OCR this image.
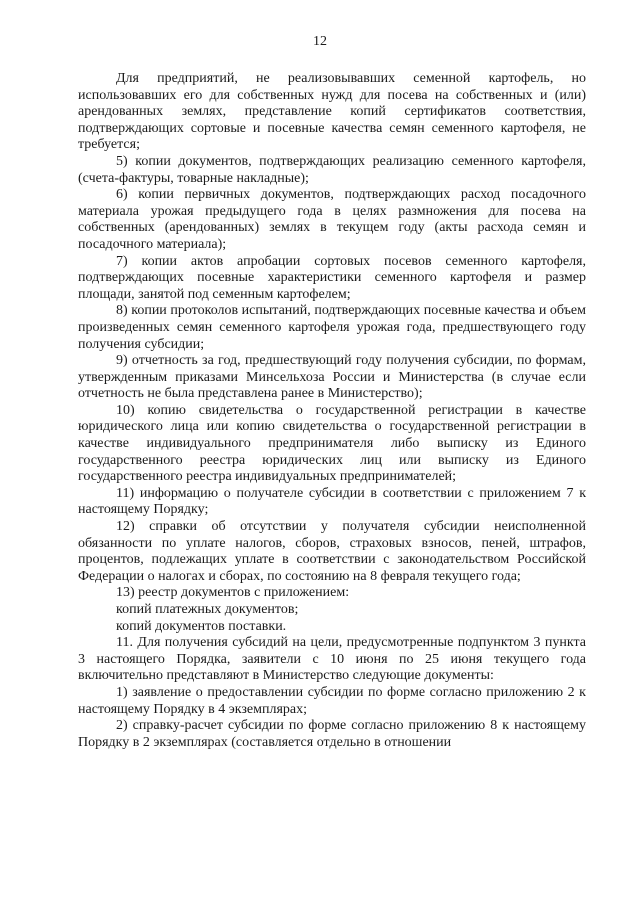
12

Для предприятий, не реализовывавших семенной картофель, но использовавших его для собственных нужд для посева на собственных и (или) арендованных землях, представление копий сертификатов соответствия, подтверждающих сортовые и посевные качества семян семенного картофеля, не требуется;

5) копии документов, подтверждающих реализацию семенного картофеля, (счета-фактуры, товарные накладные);

6) копии первичных документов, подтверждающих расход посадочного материала урожая предыдущего года в целях размножения для посева на собственных (арендованных) землях в текущем году (акты расхода семян и посадочного материала);

7) копии актов апробации сортовых посевов семенного картофеля, подтверждающих посевные характеристики семенного картофеля и размер площади, занятой под семенным картофелем;

8) копии протоколов испытаний, подтверждающих посевные качества и объем произведенных семян семенного картофеля урожая года, предшествующего году получения субсидии;

9) отчетность за год, предшествующий году получения субсидии, по формам, утвержденным приказами Минсельхоза России и Министерства (в случае если отчетность не была представлена ранее в Министерство);

10) копию свидетельства о государственной регистрации в качестве юридического лица или копию свидетельства о государственной регистрации в качестве индивидуального предпринимателя либо выписку из Единого государственного реестра юридических лиц или выписку из Единого государственного реестра индивидуальных предпринимателей;

11) информацию о получателе субсидии в соответствии с приложением 7 к настоящему Порядку;

12) справки об отсутствии у получателя субсидии неисполненной обязанности по уплате налогов, сборов, страховых взносов, пеней, штрафов, процентов, подлежащих уплате в соответствии с законодательством Российской Федерации о налогах и сборах, по состоянию на 8 февраля текущего года;

13) реестр документов с приложением:

копий платежных документов;

копий документов поставки.

11. Для получения субсидий на цели, предусмотренные подпунктом 3 пункта 3 настоящего Порядка, заявители с 10 июня по 25 июня текущего года включительно представляют в Министерство следующие документы:

1) заявление о предоставлении субсидии по форме согласно приложению 2 к настоящему Порядку в 4 экземплярах;

2) справку-расчет субсидии по форме согласно приложению 8 к настоящему Порядку в 2 экземплярах (составляется отдельно в отношении
